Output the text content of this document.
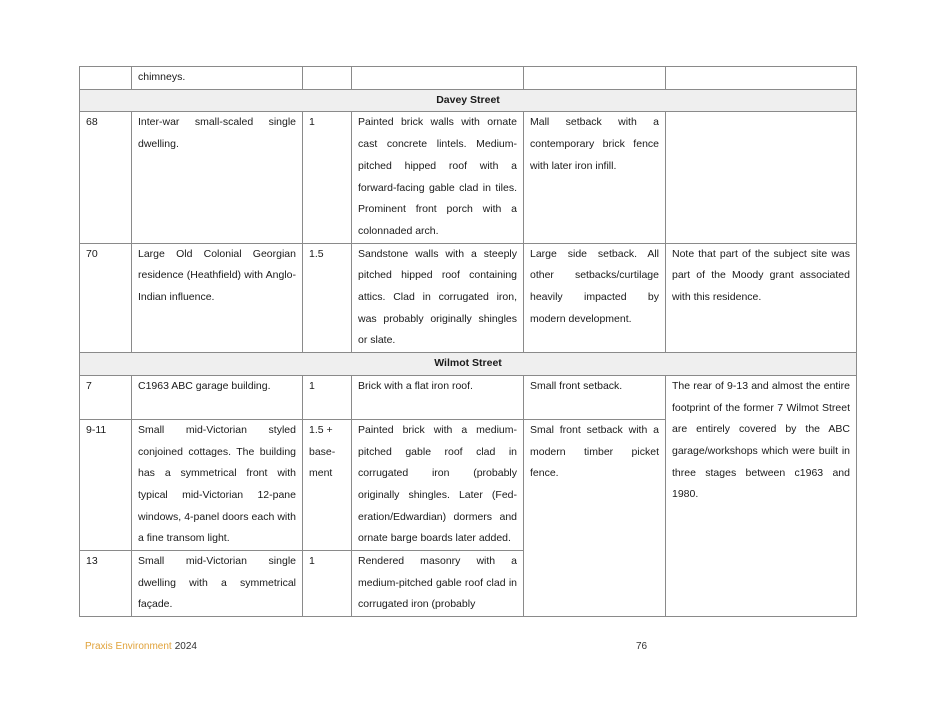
	chimneys.				
Davey Street					
68	Inter-war small-scaled single dwelling.	1	Painted brick walls with ornate cast concrete lintels. Medium-pitched hipped roof with a forward-facing gable clad in tiles. Prominent front porch with a colonnaded arch.	Mall setback with a contemporary brick fence with later iron infill.	
70	Large Old Colonial Georgian residence (Heathfield) with Anglo-Indian influence.	1.5	Sandstone walls with a steeply pitched hipped roof containing attics. Clad in corrugated iron, was probably originally shingles or slate.	Large side setback. All other setbacks/curtilage heavily impacted by modern development.	Note that part of the subject site was part of the Moody grant associated with this residence.
Wilmot Street					
7	C1963 ABC garage building.	1	Brick with a flat iron roof.	Small front setback.	The rear of 9-13 and almost the entire footprint of the former 7 Wilmot Street are entirely covered by the ABC garage/workshops which were built in three stages between c1963 and 1980.
9-11	Small mid-Victorian styled conjoined cottages. The building has a symmetrical front with typical mid-Victorian 12-pane windows, 4-panel doors each with a fine transom light.	1.5 + base-ment	Painted brick with a medium-pitched gable roof clad in corrugated iron (probably originally shingles. Later (Fed-eration/Edwardian) dormers and ornate barge boards later added.	Smal front setback with a modern timber picket fence.	
13	Small mid-Victorian single dwelling with a symmetrical façade.	1	Rendered masonry with a medium-pitched gable roof clad in corrugated iron (probably		
Praxis Environment 2024	76
